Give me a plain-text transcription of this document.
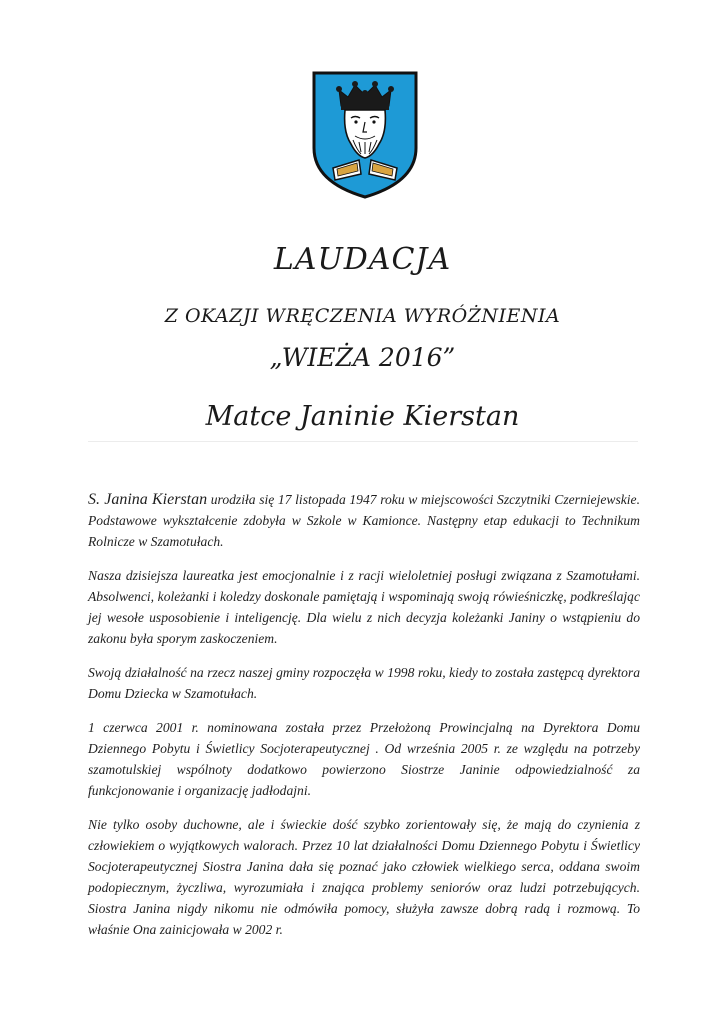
LAUDACJA
Z OKAZJI WRĘCZENIA WYRÓŻNIENIA
„WIEŻA 2016”
Matce Janinie Kierstan

S. Janina Kierstan urodziła się 17 listopada 1947 roku w miejscowości Szczytniki Czerniejewskie. Podstawowe wykształcenie zdobyła w Szkole w Kamionce. Następny etap edukacji to Technikum Rolnicze w Szamotułach.

Nasza dzisiejsza laureatka jest emocjonalnie i z racji wieloletniej posługi związana z Szamotułami. Absolwenci, koleżanki i koledzy doskonale pamiętają i wspominają swoją rówieśniczkę, podkreślając jej wesołe usposobienie i inteligencję. Dla wielu z nich decyzja koleżanki Janiny o wstąpieniu do zakonu była sporym zaskoczeniem.

Swoją działalność na rzecz naszej gminy rozpoczęła w 1998 roku, kiedy to została zastępcą dyrektora Domu Dziecka w Szamotułach.

1 czerwca 2001 r. nominowana została przez Przełożoną Prowincjalną na Dyrektora Domu Dziennego Pobytu i Świetlicy Socjoterapeutycznej . Od września 2005 r. ze względu na potrzeby szamotulskiej wspólnoty dodatkowo powierzono Siostrze Janinie odpowiedzialność za funkcjonowanie i organizację jadłodajni.

Nie tylko osoby duchowne, ale i świeckie dość szybko zorientowały się, że mają do czynienia z człowiekiem o wyjątkowych walorach. Przez 10 lat działalności Domu Dziennego Pobytu i Świetlicy Socjoterapeutycznej Siostra Janina dała się poznać jako człowiek wielkiego serca, oddana swoim podopiecznym, życzliwa, wyrozumiała i znająca problemy seniorów oraz ludzi potrzebujących. Siostra Janina nigdy nikomu nie odmówiła pomocy, służyła zawsze dobrą radą i rozmową. To właśnie Ona zainicjowała w 2002 r.
